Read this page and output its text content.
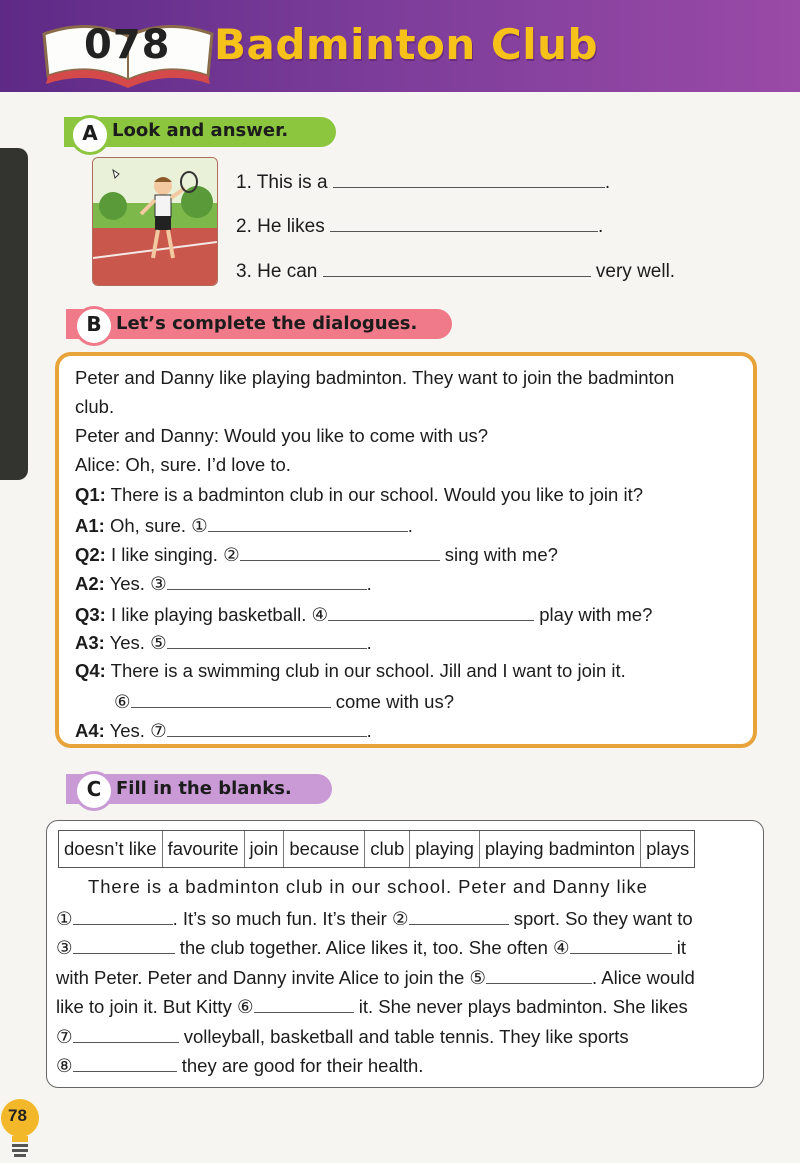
078 Badminton Club
A Look and answer.
1. This is a	.
2. He likes	.
3. He can	very well.
B Let’s complete the dialogues.
Peter and Danny like playing badminton. They want to join the badminton
club.
Peter and Danny: Would you like to come with us?
Alice: Oh, sure. I’d love to.
Q1: There is a badminton club in our school. Would you like to join it?
A1: Oh, sure. ①	.
Q2: I like singing. ②	sing with me?
A2: Yes. ③	.
Q3: I like playing basketball. ④	play with me?
A3: Yes. ⑤	.
Q4: There is a swimming club in our school. Jill and I want to join it.
⑥	come with us?
A4: Yes. ⑦	.
C Fill in the blanks.
doesn’t like favourite join because club playing playing badminton plays
There is a badminton club in our school. Peter and Danny like
①	. It’s so much fun. It’s their ②	sport. So they want to
③	the club together. Alice likes it, too. She often ④	it
with Peter. Peter and Danny invite Alice to join the ⑤	. Alice would
like to join it. But Kitty ⑥	it. She never plays badminton. She likes
⑦	volleyball, basketball and table tennis. They like sports
⑧	they are good for their health.
78
